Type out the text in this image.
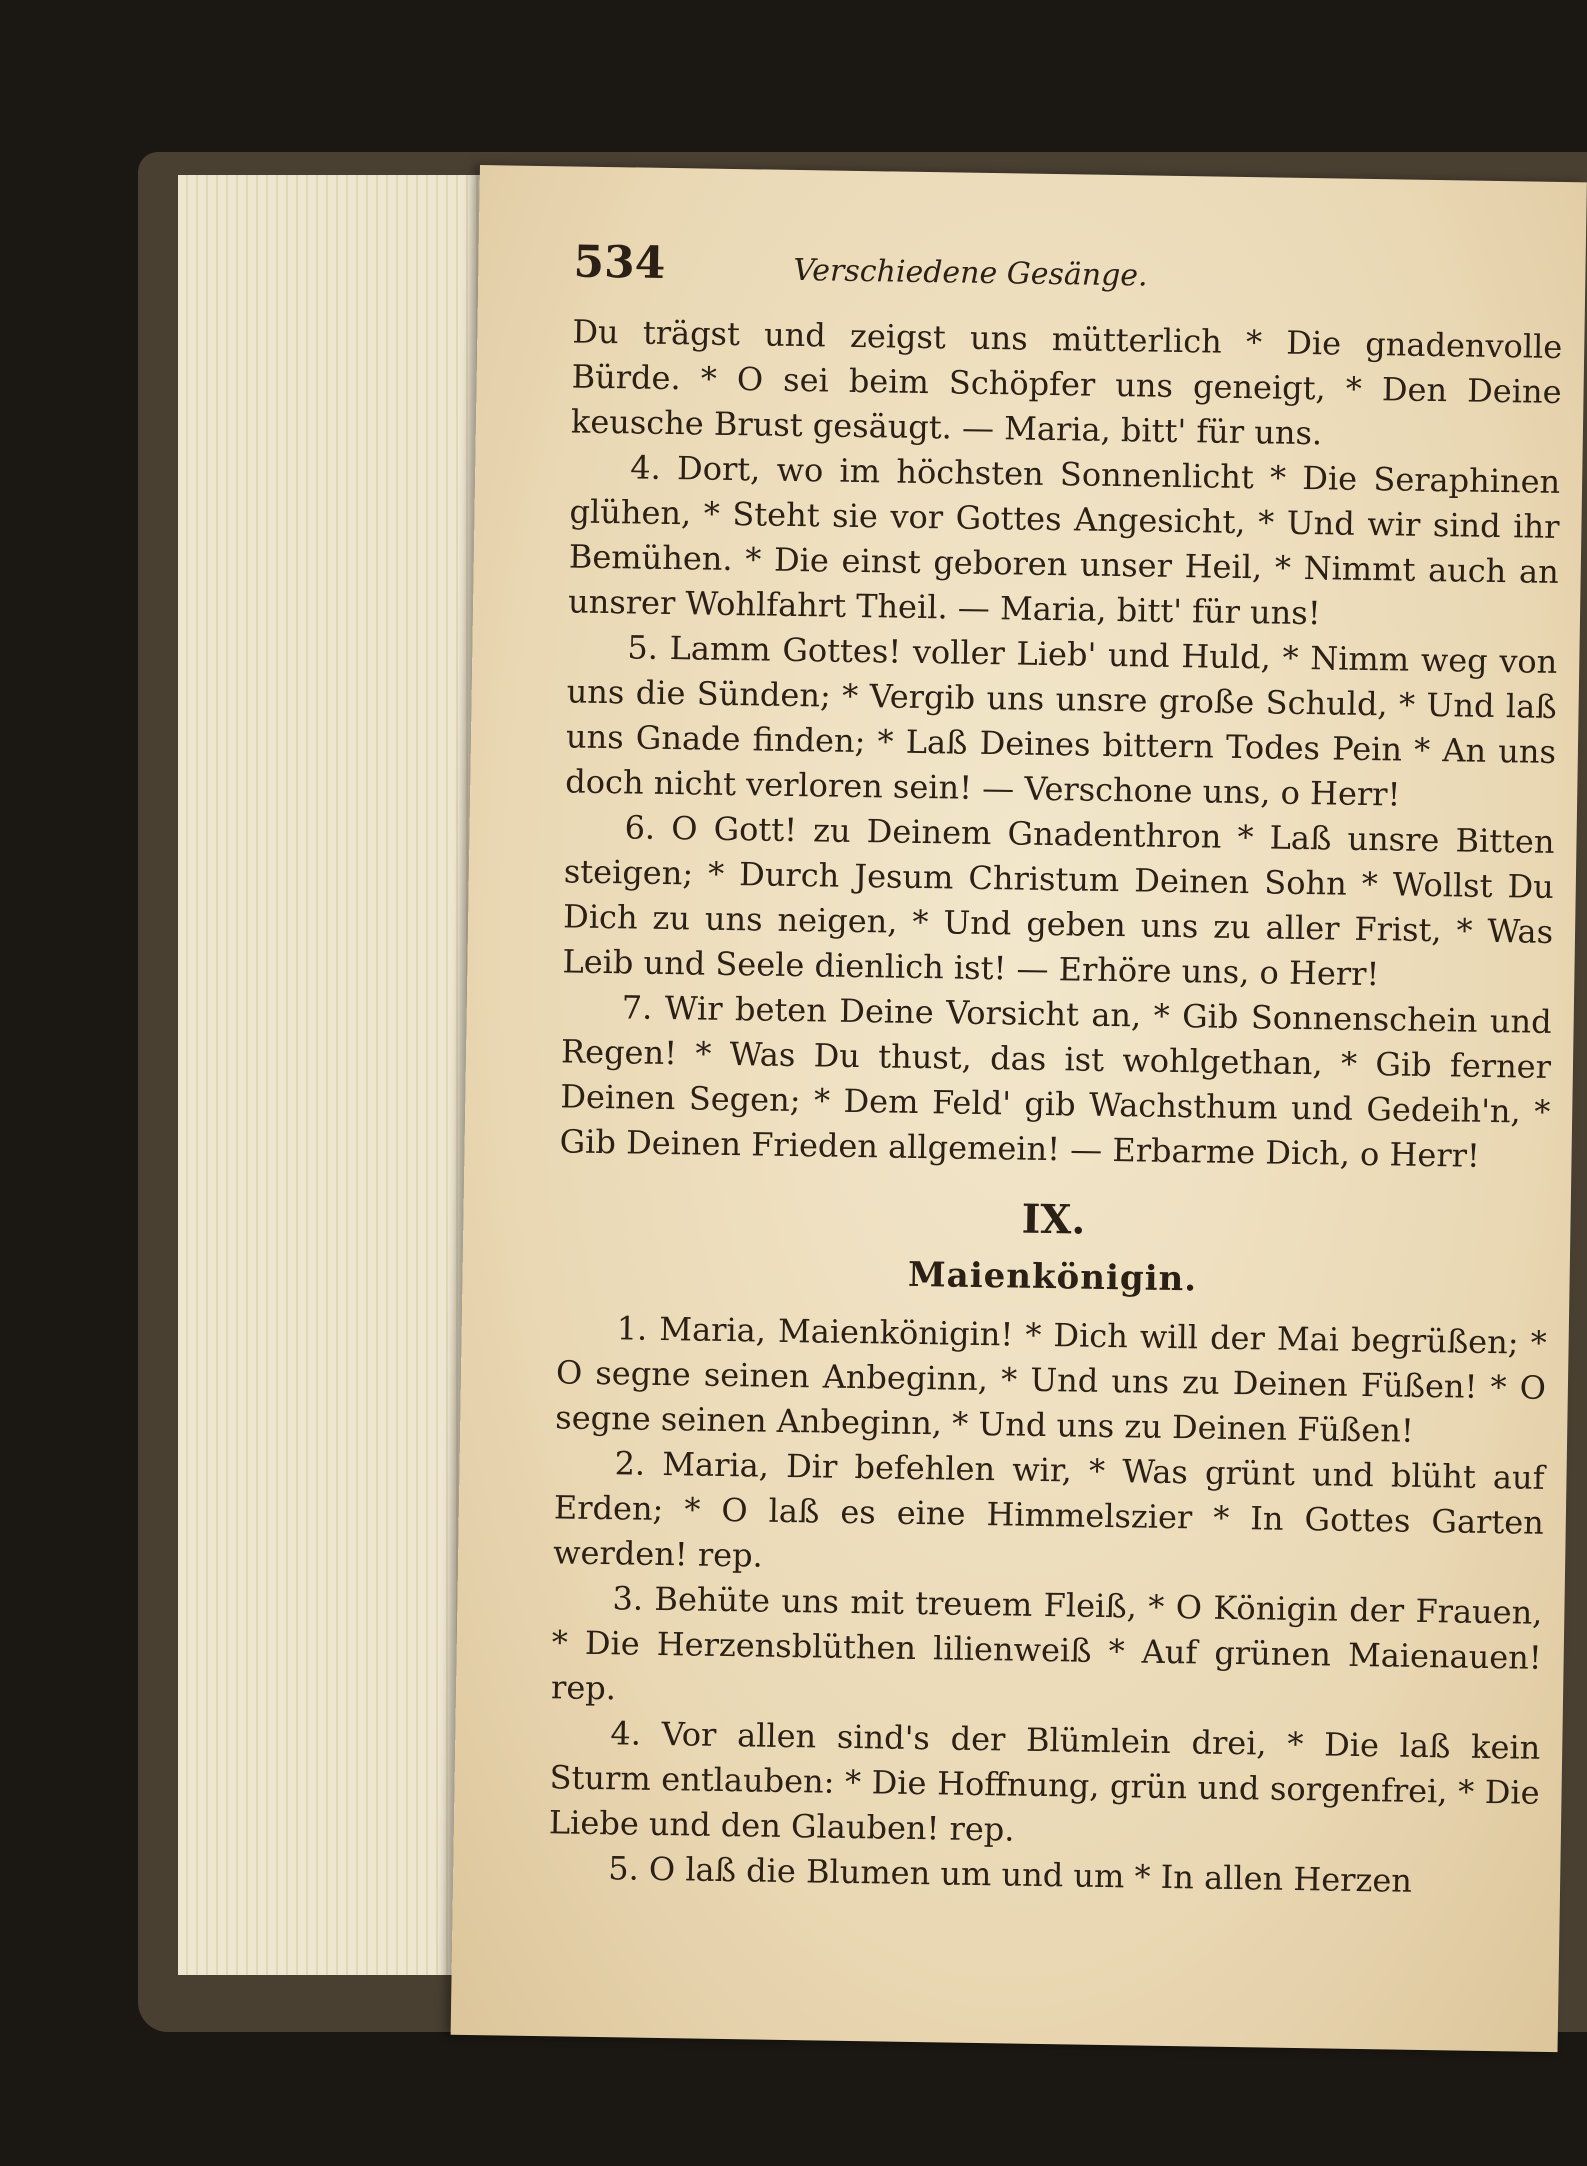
534	Verschiedene Gesänge.

Du trägst und zeigst uns mütterlich * Die gnadenvolle Bürde. * O sei beim Schöpfer uns geneigt, * Den Deine keusche Brust gesäugt. — Maria, bitt' für uns.

4. Dort, wo im höchsten Sonnenlicht * Die Seraphinen glühen, * Steht sie vor Gottes Angesicht, * Und wir sind ihr Bemühen. * Die einst geboren unser Heil, * Nimmt auch an unsrer Wohlfahrt Theil. — Maria, bitt' für uns!

5. Lamm Gottes! voller Lieb' und Huld, * Nimm weg von uns die Sünden; * Vergib uns unsre große Schuld, * Und laß uns Gnade finden; * Laß Deines bittern Todes Pein * An uns doch nicht verloren sein! — Verschone uns, o Herr!

6. O Gott! zu Deinem Gnadenthron * Laß unsre Bitten steigen; * Durch Jesum Christum Deinen Sohn * Wollst Du Dich zu uns neigen, * Und geben uns zu aller Frist, * Was Leib und Seele dienlich ist! — Erhöre uns, o Herr!

7. Wir beten Deine Vorsicht an, * Gib Sonnenschein und Regen! * Was Du thust, das ist wohlgethan, * Gib ferner Deinen Segen; * Dem Feld' gib Wachsthum und Gedeih'n, * Gib Deinen Frieden allgemein! — Erbarme Dich, o Herr!

IX.
Maienkönigin.

1. Maria, Maienkönigin! * Dich will der Mai begrüßen; * O segne seinen Anbeginn, * Und uns zu Deinen Füßen! * O segne seinen Anbeginn, * Und uns zu Deinen Füßen!

2. Maria, Dir befehlen wir, * Was grünt und blüht auf Erden; * O laß es eine Himmelszier * In Gottes Garten werden! rep.

3. Behüte uns mit treuem Fleiß, * O Königin der Frauen, * Die Herzensblüthen lilienweiß * Auf grünen Maienauen! rep.

4. Vor allen sind's der Blümlein drei, * Die laß kein Sturm entlauben: * Die Hoffnung, grün und sorgenfrei, * Die Liebe und den Glauben! rep.

5. O laß die Blumen um und um * In allen Herzen
